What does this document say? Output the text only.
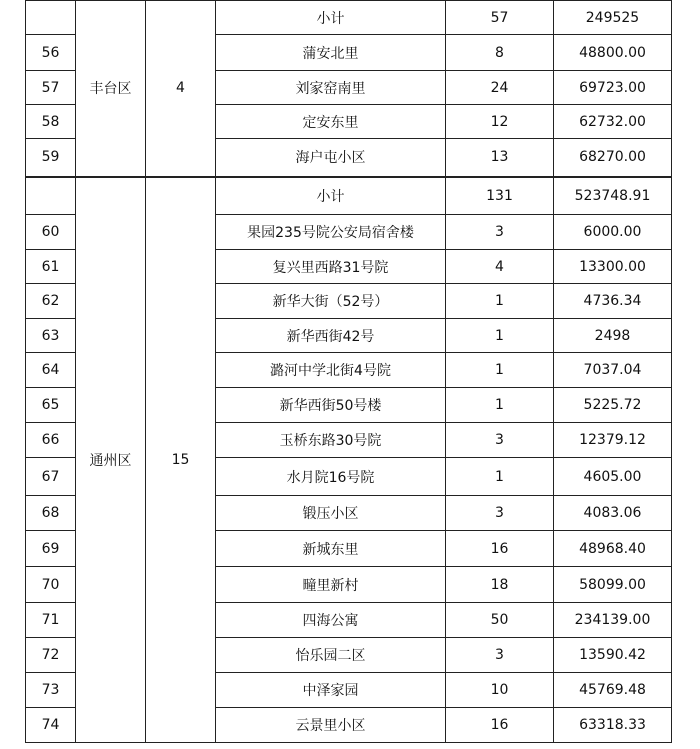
	丰台区	4	小计	57	249525
56			蒲安北里	8	48800.00
57			刘家窑南里	24	69723.00
58			定安东里	12	62732.00
59			海户屯小区	13	68270.00
	通州区	15	小计	131	523748.91
60			果园235号院公安局宿舍楼	3	6000.00
61			复兴里西路31号院	4	13300.00
62			新华大街（52号）	1	4736.34
63			新华西街42号	1	2498
64			潞河中学北街4号院	1	7037.04
65			新华西街50号楼	1	5225.72
66			玉桥东路30号院	3	12379.12
67			水月院16号院	1	4605.00
68			锻压小区	3	4083.06
69			新城东里	16	48968.40
70			疃里新村	18	58099.00
71			四海公寓	50	234139.00
72			怡乐园二区	3	13590.42
73			中泽家园	10	45769.48
74			云景里小区	16	63318.33
